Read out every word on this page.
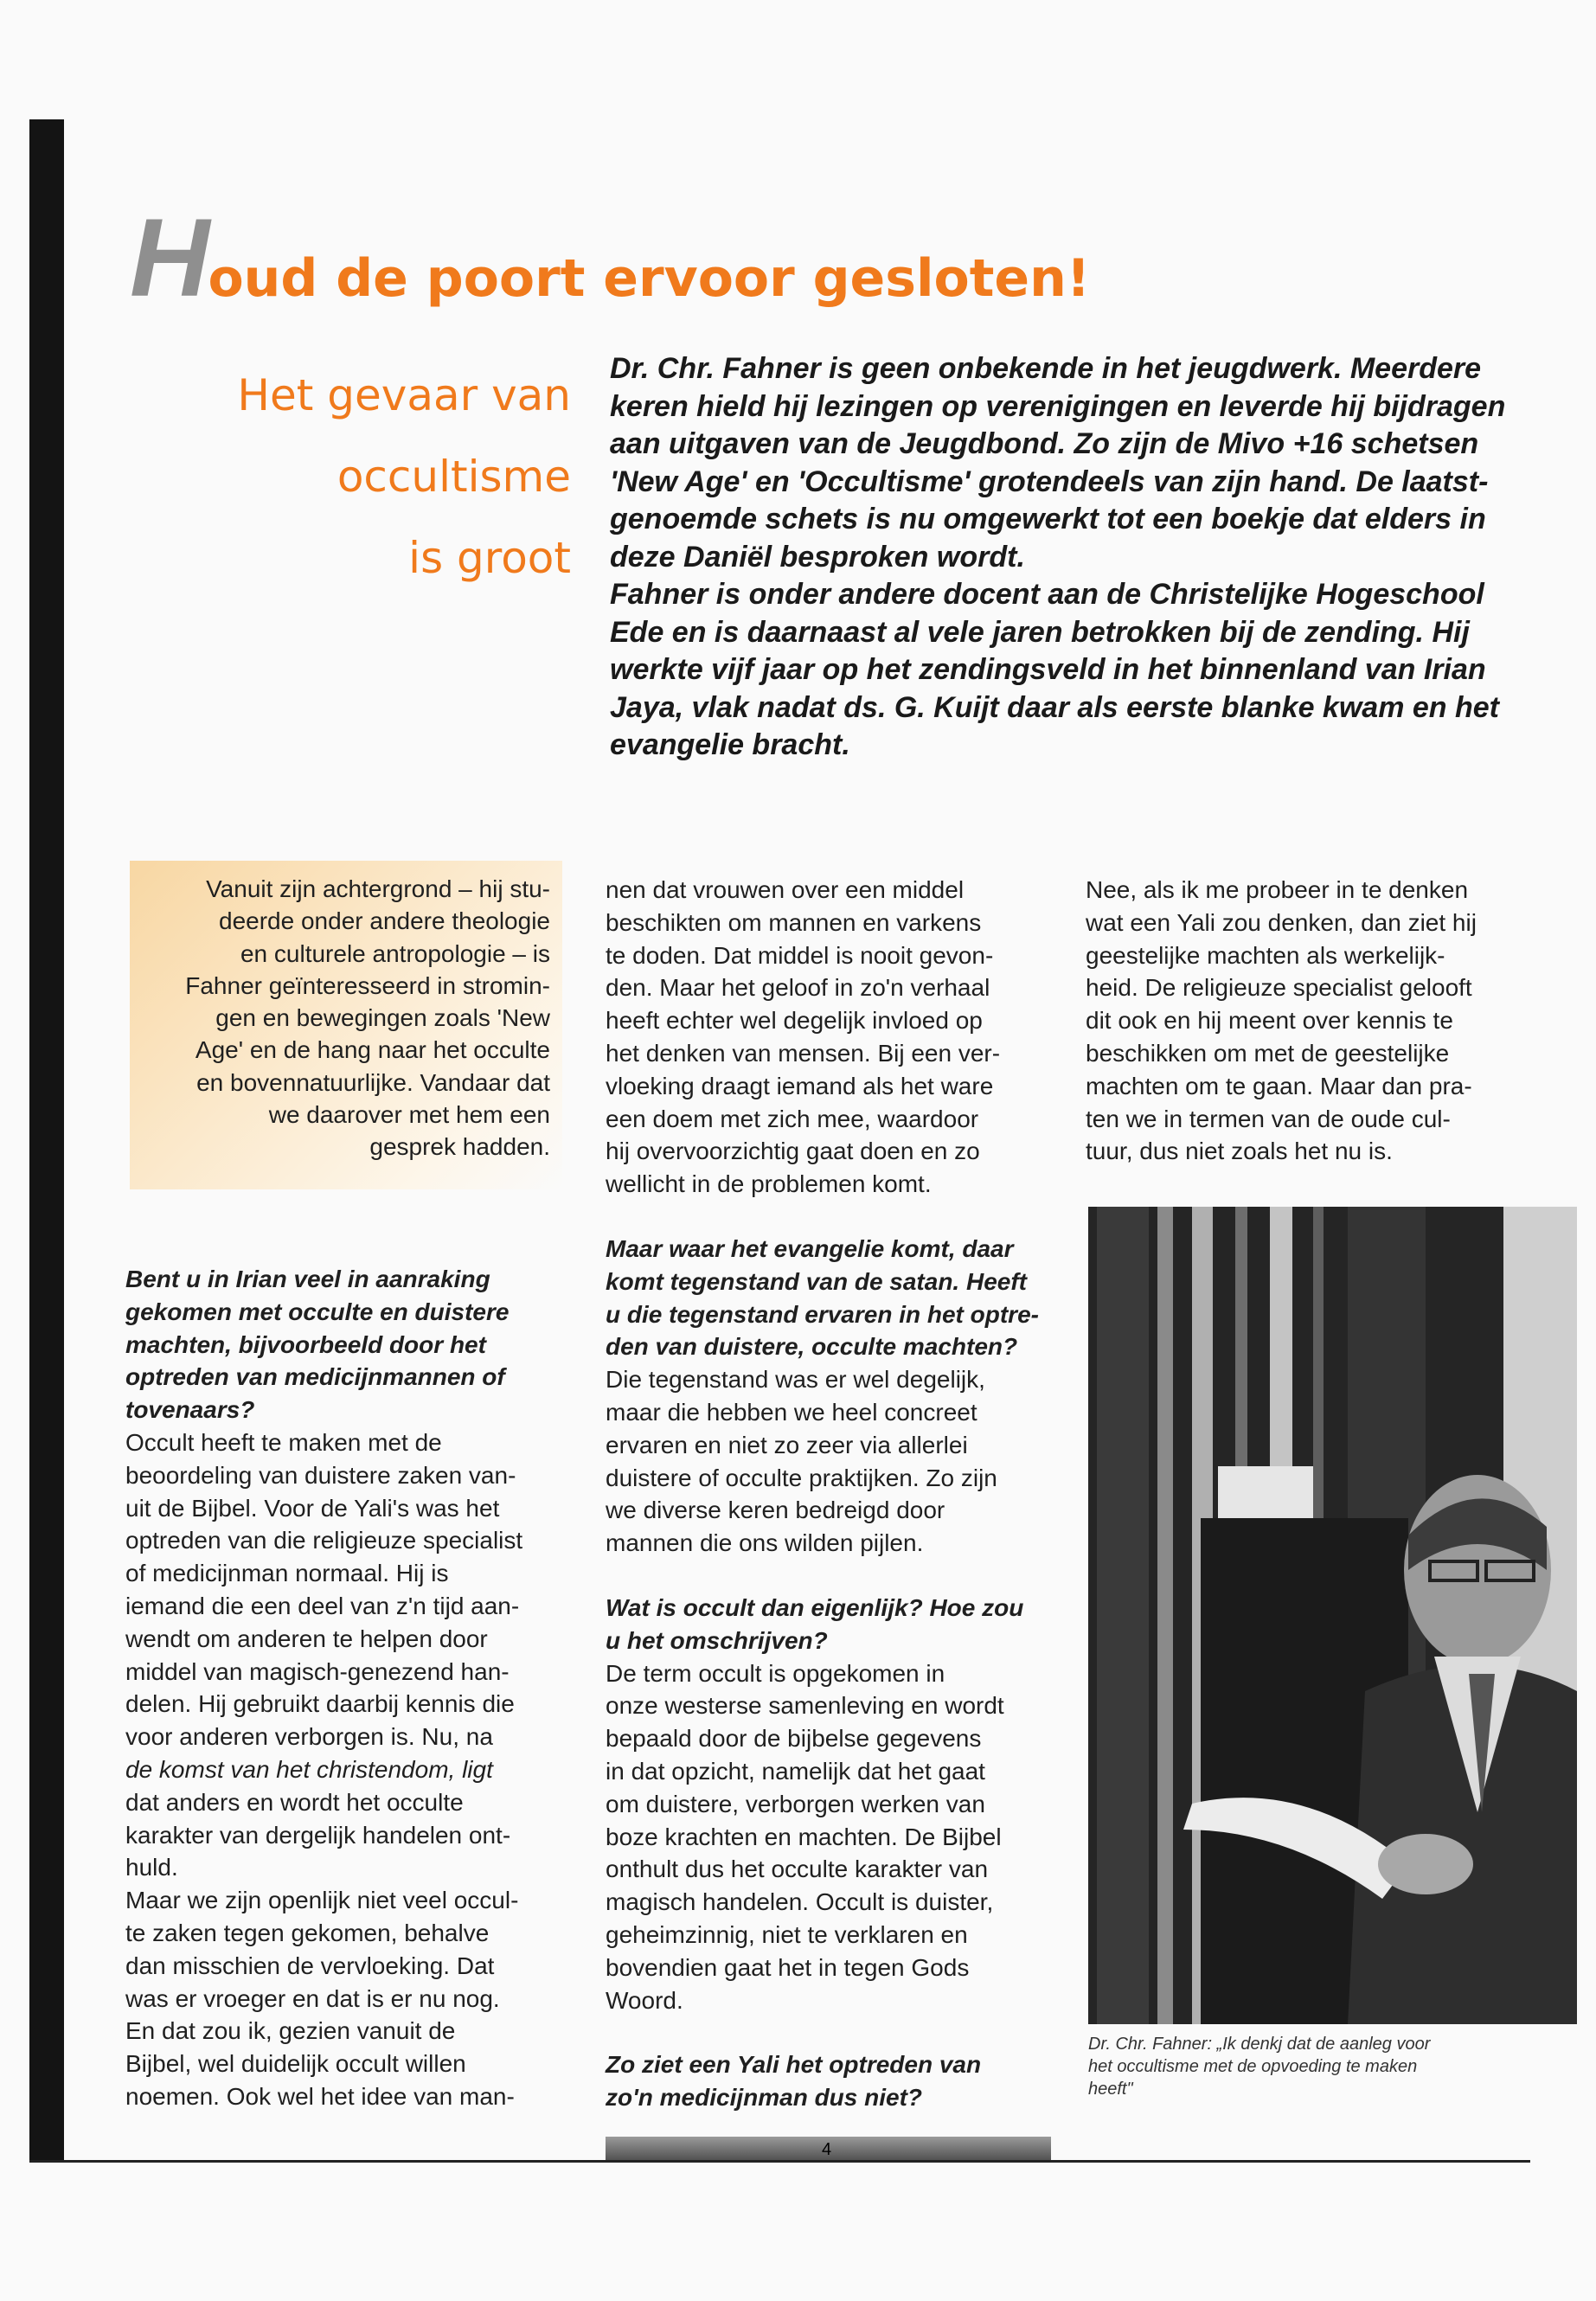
Houd de poort ervoor gesloten!
Het gevaar van
occultisme
is groot
Dr. Chr. Fahner is geen onbekende in het jeugdwerk. Meerdere
keren hield hij lezingen op verenigingen en leverde hij bijdragen
aan uitgaven van de Jeugdbond. Zo zijn de Mivo +16 schetsen
'New Age' en 'Occultisme' grotendeels van zijn hand. De laatst-
genoemde schets is nu omgewerkt tot een boekje dat elders in
deze Daniël besproken wordt.
Fahner is onder andere docent aan de Christelijke Hogeschool
Ede en is daarnaast al vele jaren betrokken bij de zending. Hij
werkte vijf jaar op het zendingsveld in het binnenland van Irian
Jaya, vlak nadat ds. G. Kuijt daar als eerste blanke kwam en het
evangelie bracht.
Vanuit zijn achtergrond – hij stu-
deerde onder andere theologie
en culturele antropologie – is
Fahner geïnteresseerd in stromin-
gen en bewegingen zoals 'New
Age' en de hang naar het occulte
en bovennatuurlijke. Vandaar dat
we daarover met hem een
gesprek hadden.

Bent u in Irian veel in aanraking
gekomen met occulte en duistere
machten, bijvoorbeeld door het
optreden van medicijnmannen of
tovenaars?
Occult heeft te maken met de
beoordeling van duistere zaken van-
uit de Bijbel. Voor de Yali's was het
optreden van die religieuze specialist
of medicijnman normaal. Hij is
iemand die een deel van z'n tijd aan-
wendt om anderen te helpen door
middel van magisch-genezend han-
delen. Hij gebruikt daarbij kennis die
voor anderen verborgen is. Nu, na
de komst van het christendom, ligt
dat anders en wordt het occulte
karakter van dergelijk handelen ont-
huld.
Maar we zijn openlijk niet veel occul-
te zaken tegen gekomen, behalve
dan misschien de vervloeking. Dat
was er vroeger en dat is er nu nog.
En dat zou ik, gezien vanuit de
Bijbel, wel duidelijk occult willen
noemen. Ook wel het idee van man-

nen dat vrouwen over een middel
beschikten om mannen en varkens
te doden. Dat middel is nooit gevon-
den. Maar het geloof in zo'n verhaal
heeft echter wel degelijk invloed op
het denken van mensen. Bij een ver-
vloeking draagt iemand als het ware
een doem met zich mee, waardoor
hij overvoorzichtig gaat doen en zo
wellicht in de problemen komt.

Maar waar het evangelie komt, daar
komt tegenstand van de satan. Heeft
u die tegenstand ervaren in het optre-
den van duistere, occulte machten?
Die tegenstand was er wel degelijk,
maar die hebben we heel concreet
ervaren en niet zo zeer via allerlei
duistere of occulte praktijken. Zo zijn
we diverse keren bedreigd door
mannen die ons wilden pijlen.

Wat is occult dan eigenlijk? Hoe zou
u het omschrijven?
De term occult is opgekomen in
onze westerse samenleving en wordt
bepaald door de bijbelse gegevens
in dat opzicht, namelijk dat het gaat
om duistere, verborgen werken van
boze krachten en machten. De Bijbel
onthult dus het occulte karakter van
magisch handelen. Occult is duister,
geheimzinnig, niet te verklaren en
bovendien gaat het in tegen Gods
Woord.

Zo ziet een Yali het optreden van
zo'n medicijnman dus niet?

Nee, als ik me probeer in te denken
wat een Yali zou denken, dan ziet hij
geestelijke machten als werkelijk-
heid. De religieuze specialist gelooft
dit ook en hij meent over kennis te
beschikken om met de geestelijke
machten om te gaan. Maar dan pra-
ten we in termen van de oude cul-
tuur, dus niet zoals het nu is.

Dr. Chr. Fahner: „Ik denkj dat de aanleg voor
het occultisme met de opvoeding te maken
heeft"
4
